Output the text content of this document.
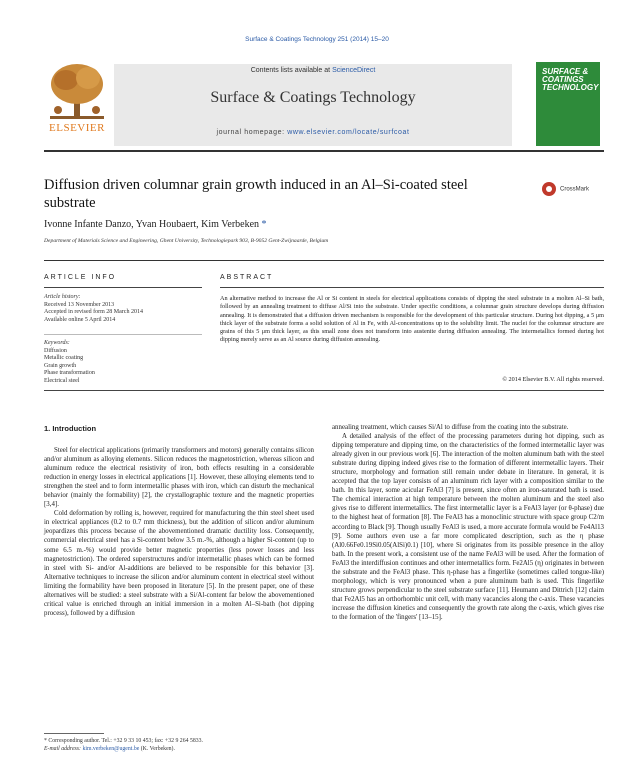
Surface & Coatings Technology 251 (2014) 15–20
ELSEVIER
Contents lists available at ScienceDirect
Surface & Coatings Technology
journal homepage: www.elsevier.com/locate/surfcoat
SURFACE & COATINGS TECHNOLOGY
Diffusion driven columnar grain growth induced in an Al–Si-coated steel substrate
CrossMark
Ivonne Infante Danzo, Yvan Houbaert, Kim Verbeken *
Department of Materials Science and Engineering, Ghent University, Technologiepark 903, B-9052 Gent-Zwijnaarde, Belgium
ARTICLE INFO
Article history:
Received 13 November 2013
Accepted in revised form 28 March 2014
Available online 5 April 2014
Keywords:
Diffusion
Metallic coating
Grain growth
Phase transformation
Electrical steel
ABSTRACT
An alternative method to increase the Al or Si content in steels for electrical applications consists of dipping the steel substrate in a molten Al–Si bath, followed by an annealing treatment to diffuse Al/Si into the substrate. Under specific conditions, a columnar grain structure develops during diffusion annealing. It is demonstrated that a diffusion driven mechanism is responsible for the development of this particular structure. During hot dipping, a 5 μm thick layer of the substrate forms a solid solution of Al in Fe, with Al-concentrations up to the solubility limit. The nuclei for the columnar structure are grains of this 5 μm thick layer, as this small zone does not transform into austenite during diffusion annealing. The intermetallics formed during hot dipping merely serve as an Al source during diffusion annealing.
© 2014 Elsevier B.V. All rights reserved.
1. Introduction

Steel for electrical applications (primarily transformers and motors) generally contains silicon and/or aluminum as alloying elements. Silicon reduces the magnetostriction, whereas silicon and aluminum reduce the electrical resistivity of iron, both effects resulting in a considerable reduction in energy losses in electrical applications [1]. However, these alloying elements tend to strengthen the steel and to form intermetallic phases with iron, which can disturb the mechanical behavior (mainly the formability) [2], the crystallographic texture and the magnetic properties [3,4].

Cold deformation by rolling is, however, required for manufacturing the thin steel sheet used in electrical appliances (0.2 to 0.7 mm thickness), but the addition of silicon and/or aluminum jeopardizes this process because of the abovementioned dramatic ductility loss. Consequently, commercial electrical steel has a Si-content below 3.5 m.-%, although a higher Si-content (up to some 6.5 m.-%) would provide better magnetic properties (less power losses and less magnetostriction). The ordered superstructures and/or intermetallic phases which can be formed in steel with Si- and/or Al-additions are believed to be responsible for this behavior [3]. Alternative techniques to increase the silicon and/or aluminum content in electrical steel without limiting the formability have been proposed in literature [5]. In the present paper, one of these alternatives will be studied: a steel substrate with a Si/Al-content far below the abovementioned critical value is enriched through an initial immersion in a molten Al–Si-bath (hot dipping process), followed by a diffusion

annealing treatment, which causes Si/Al to diffuse from the coating into the substrate.

A detailed analysis of the effect of the processing parameters during hot dipping, such as dipping temperature and dipping time, on the characteristics of the formed intermetallic layer was already given in our previous work [6]. The interaction of the molten aluminum bath with the steel substrate during dipping indeed gives rise to the formation of different intermetallic layers. Their structure, morphology and formation still remain under debate in literature. In general, it is accepted that the top layer consists of an aluminum rich layer with a composition similar to the bath. In this layer, some acicular FeAl3 [7] is present, since often an iron-saturated bath is used. The chemical interaction at high temperature between the molten aluminum and the steel also gives rise to different intermetallics. The first intermetallic layer is a FeAl3 layer (or θ-phase) due to the highest heat of formation [8]. The FeAl3 has a monoclinic structure with space group C2/m according to Black [9]. Though usually FeAl3 is used, a more accurate formula would be Fe4Al13 [9]. Some authors even use a far more complicated description, such as the η phase (Al0.66Fe0.19Si0.05(AlSi)0.1) [10], where Si originates from its possible presence in the alloy bath. In the present work, a consistent use of the name FeAl3 will be used. After the formation of FeAl3 the interdiffusion continues and other intermetallics form. Fe2Al5 (η) originates in between the substrate and the FeAl3 phase. This η-phase has a fingerlike (sometimes called tongue-like) morphology, which is very pronounced when a pure aluminum bath is used. This fingerlike structure grows perpendicular to the steel substrate surface [11]. Heumann and Dittrich [12] claim that Fe2Al5 has an orthorhombic unit cell, with many vacancies along the c-axis. These vacancies increase the diffusion kinetics and consequently the growth rate along the c-axis, which gives rise to the formation of the 'fingers' [13–15].

* Corresponding author. Tel.: +32 9 33 10 453; fax: +32 9 264 5833.
E-mail address: kim.verbeken@ugent.be (K. Verbeken).
